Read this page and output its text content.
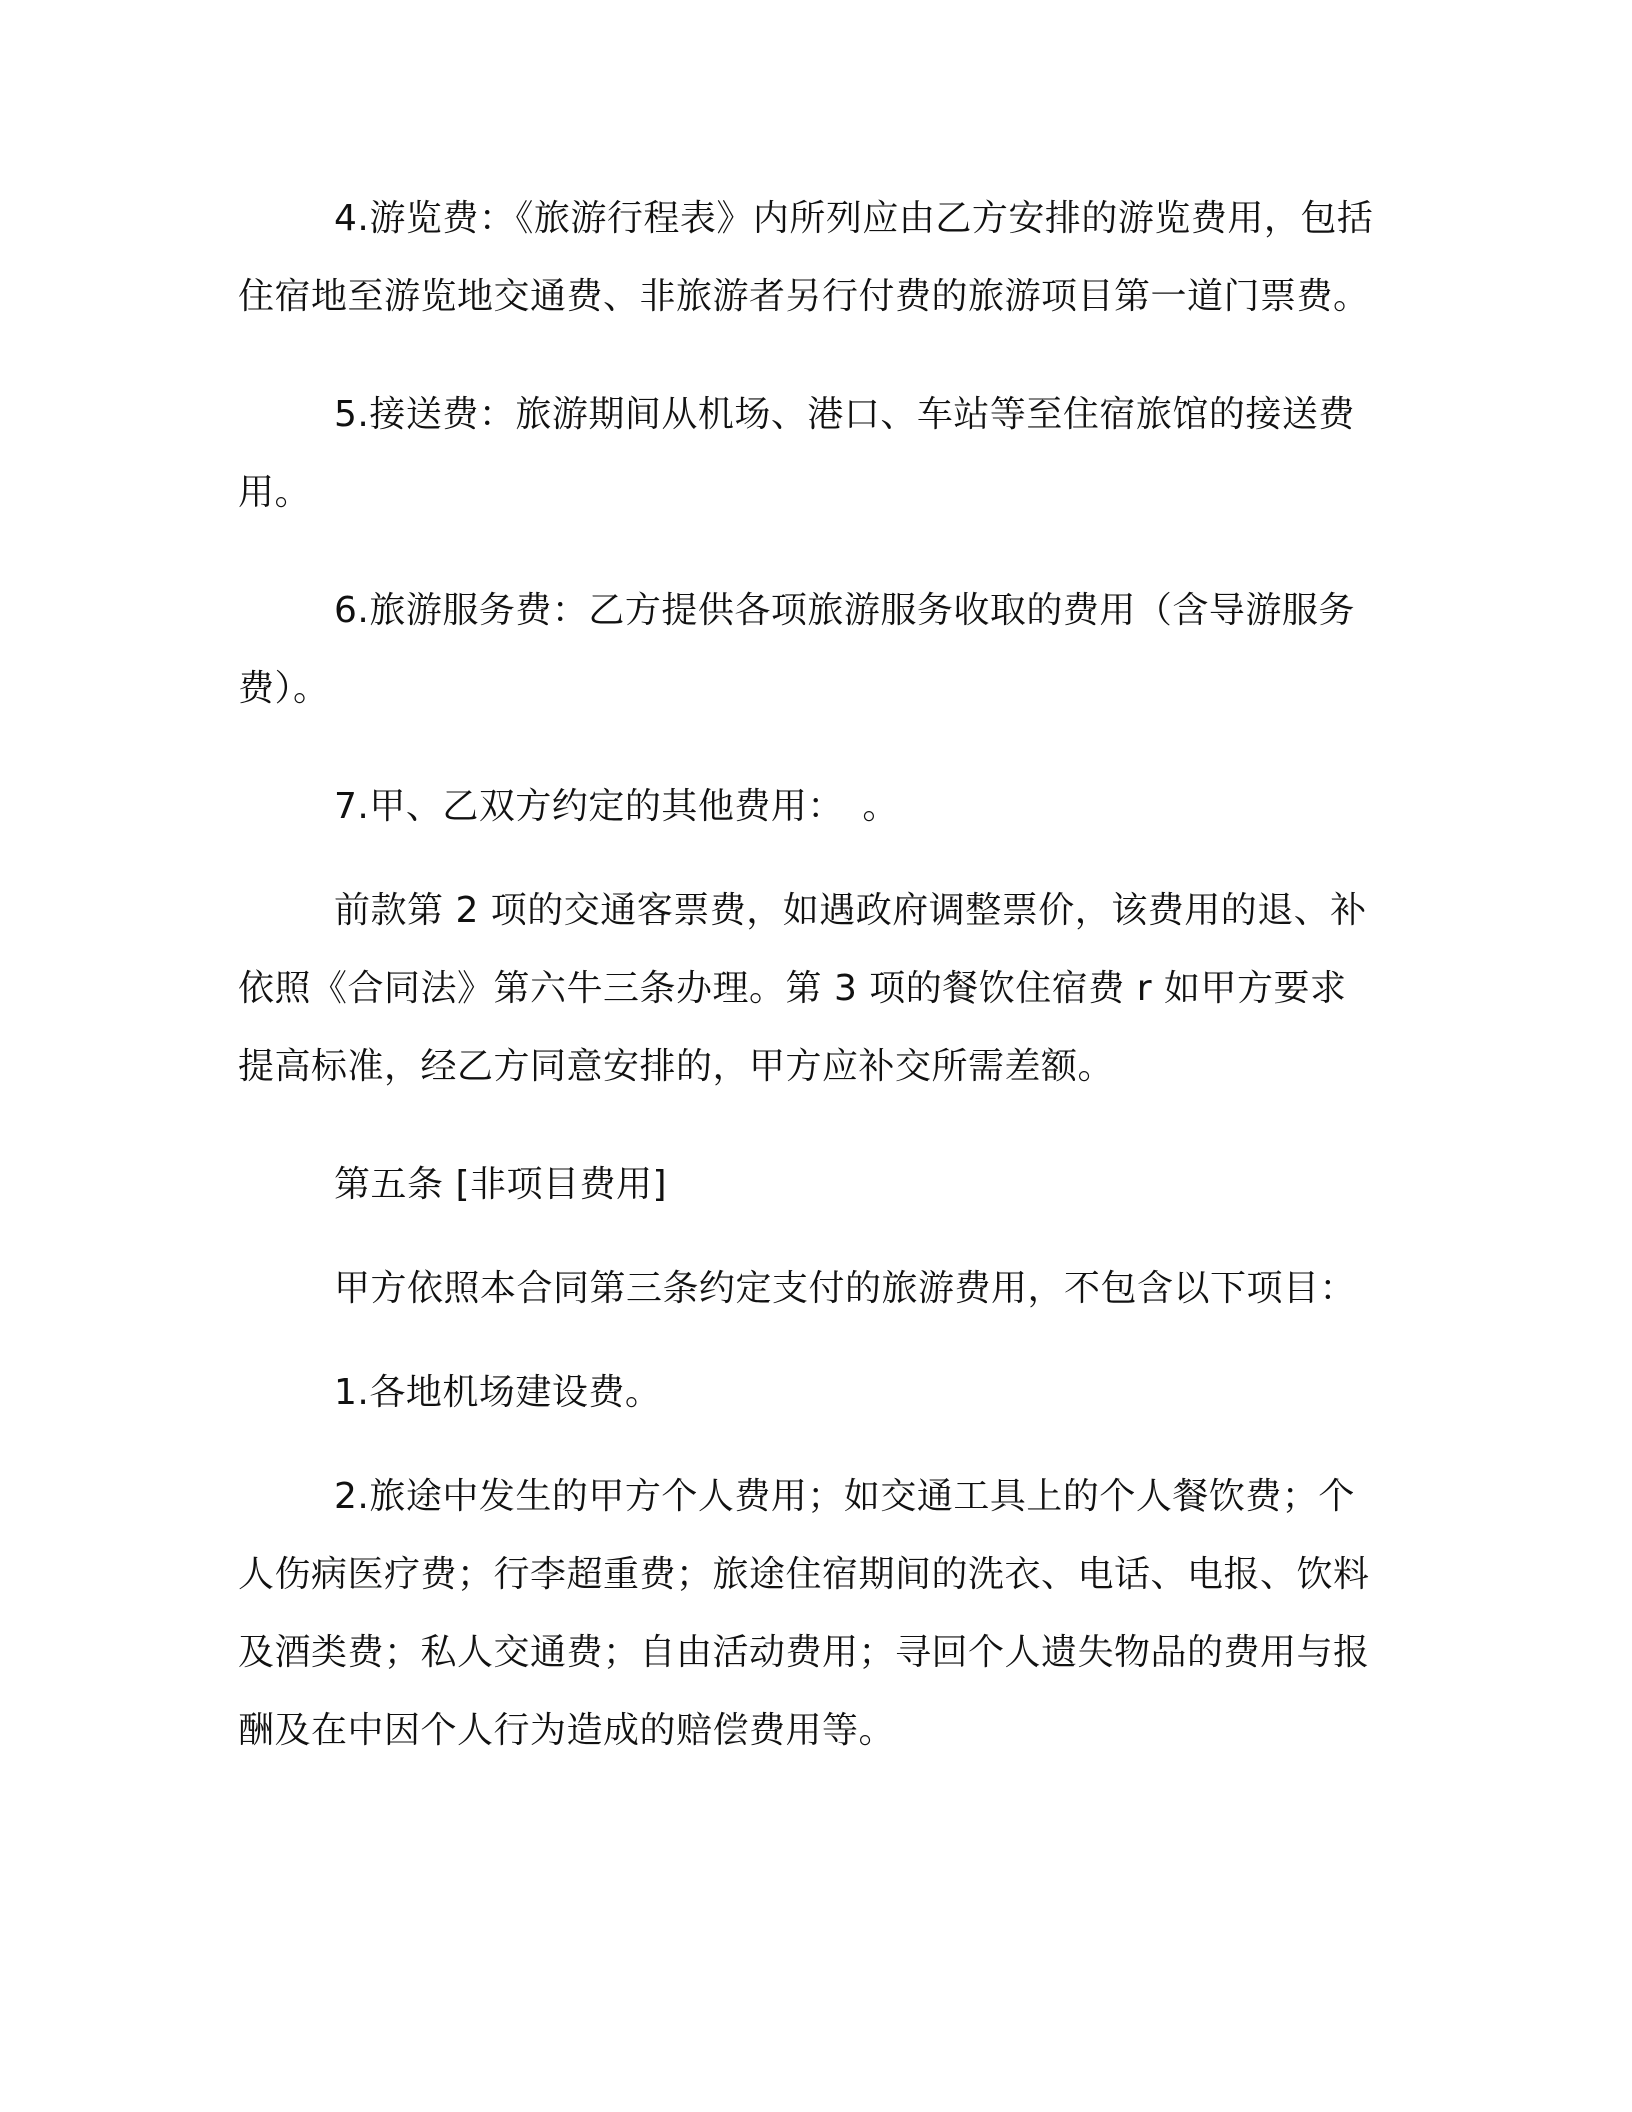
4.游览费：《旅游行程表》内所列应由乙方安排的游览费用，包括住宿地至游览地交通费、非旅游者另行付费的旅游项目第一道门票费。

5.接送费：旅游期间从机场、港口、车站等至住宿旅馆的接送费用。

6.旅游服务费：乙方提供各项旅游服务收取的费用（含导游服务费）。

7.甲、乙双方约定的其他费用：　。

前款第 2 项的交通客票费，如遇政府调整票价，该费用的退、补依照《合同法》第六牛三条办理。第 3 项的餐饮住宿费 r 如甲方要求提高标准，经乙方同意安排的，甲方应补交所需差额。

第五条 [非项目费用]

甲方依照本合同第三条约定支付的旅游费用，不包含以下项目：

1.各地机场建设费。

2.旅途中发生的甲方个人费用；如交通工具上的个人餐饮费；个人伤病医疗费；行李超重费；旅途住宿期间的洗衣、电话、电报、饮料及酒类费；私人交通费；自由活动费用；寻回个人遗失物品的费用与报酬及在中因个人行为造成的赔偿费用等。
